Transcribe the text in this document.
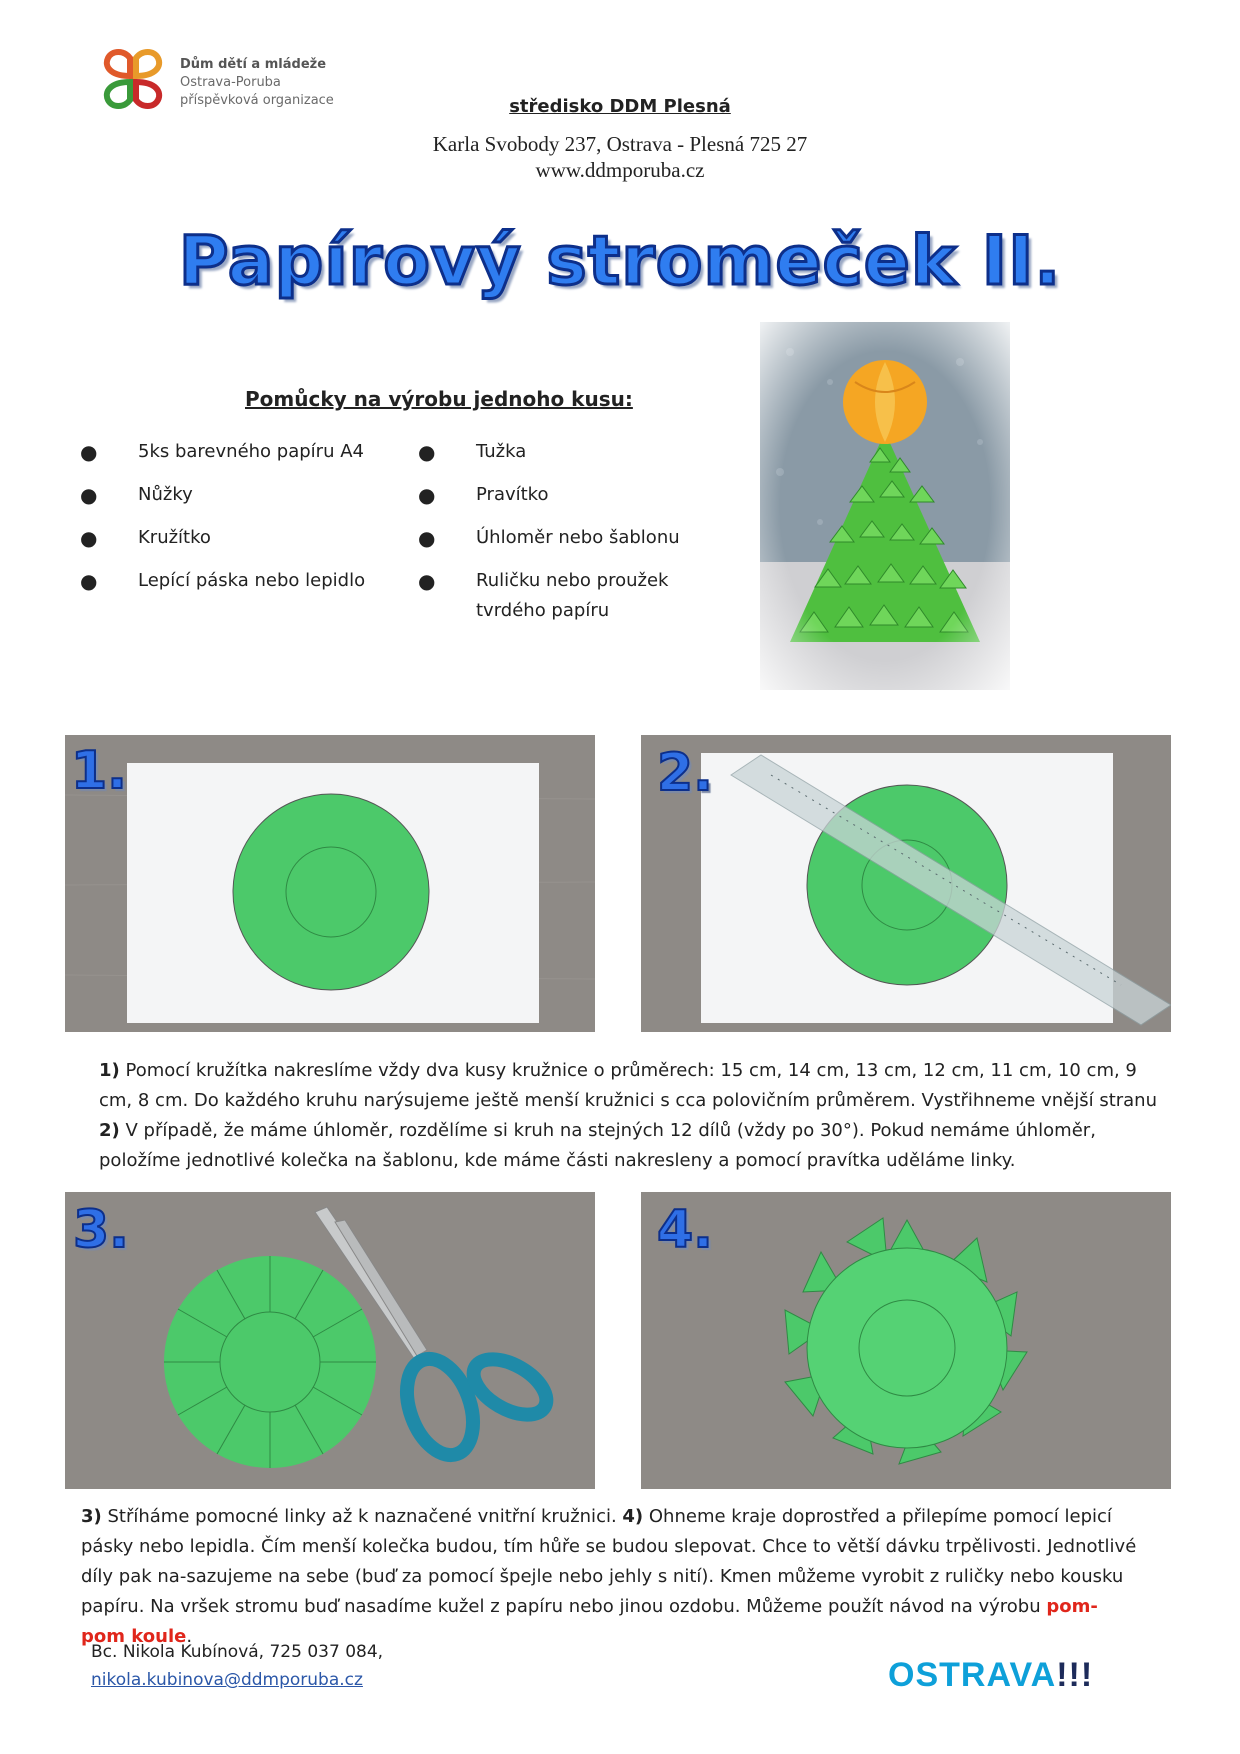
Dům dětí a mládeže
Ostrava-Poruba
příspěvková organizace	středisko DDM Plesná
Karla Svobody 237, Ostrava - Plesná 725 27
www.ddmporuba.cz
Papírový stromeček II.
Pomůcky na výrobu jednoho kusu:
● 5ks barevného papíru A4
● Nůžky
● Kružítko
● Lepící páska nebo lepidlo
● Tužka
● Pravítko
● Úhloměr nebo šablonu
● Ruličku nebo proužek tvrdého papíru
1.	2.
1) Pomocí kružítka nakreslíme vždy dva kusy kružnice o průměrech: 15 cm, 14 cm, 13 cm, 12 cm, 11 cm, 10 cm, 9 cm, 8 cm. Do každého kruhu narýsujeme ještě menší kružnici s cca polovičním průměrem. Vystřihneme vnější stranu 2) V případě, že máme úhloměr, rozdělíme si kruh na stejných 12 dílů (vždy po 30°). Pokud nemáme úhloměr, položíme jednotlivé kolečka na šablonu, kde máme části nakresleny a pomocí pravítka uděláme linky.
3.	4.
3) Stříháme pomocné linky až k naznačené vnitřní kružnici. 4) Ohneme kraje doprostřed a přilepíme pomocí lepicí pásky nebo lepidla. Čím menší kolečka budou, tím hůře se budou slepovat. Chce to větší dávku trpělivosti. Jednotlivé díly pak na-sazujeme na sebe (buď za pomocí špejle nebo jehly s nití). Kmen můžeme vyrobit z ruličky nebo kousku papíru. Na vršek stromu buď nasadíme kužel z papíru nebo jinou ozdobu. Můžeme použít návod na výrobu pom-pom koule.
Bc. Nikola Kubínová, 725 037 084,
nikola.kubinova@ddmporuba.cz	OSTRAVA!!!
